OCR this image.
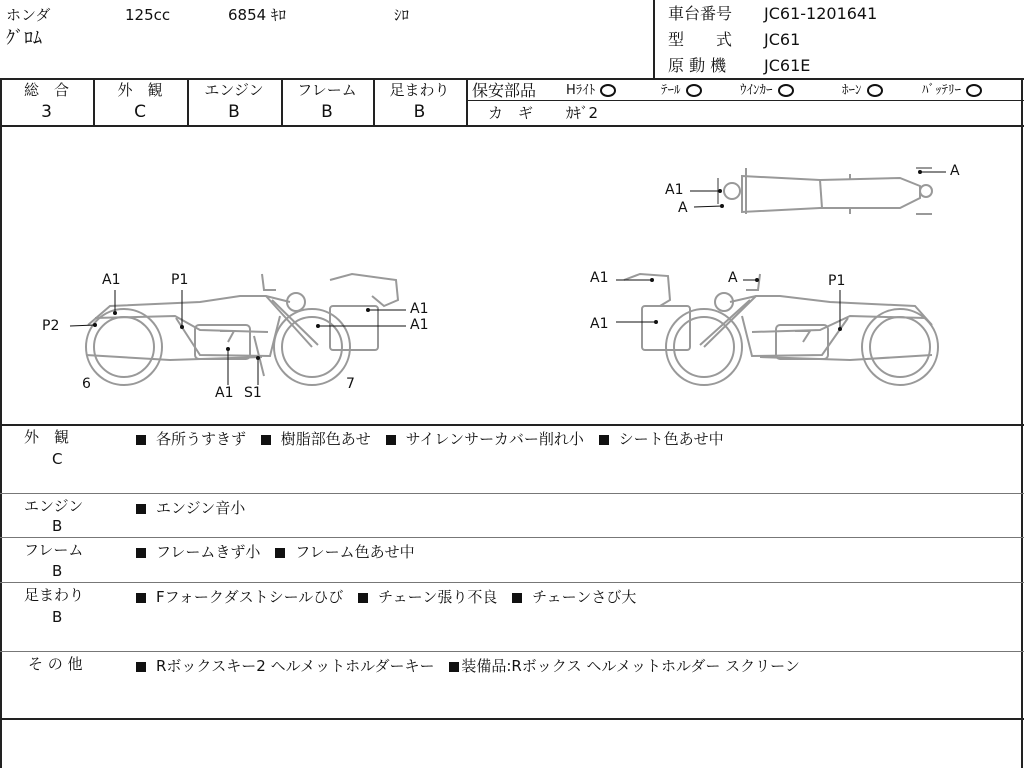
ホンダ	125cc	6854 ｷﾛ	ｼﾛ
ｸﾞﾛﾑ
車台番号 JC61-1201641
型　　式 JC61
原 動 機 JC61E
総　合
3
外　観
C
エンジン
B
フレーム
B
足まわり
B
保安部品 Hﾗｲﾄ	ﾃｰﾙ	ｳｲﾝｶｰ	ﾎｰﾝ	ﾊﾞｯﾃﾘｰ
カ　ギ ｶｷﾞ2
A1	P1
P2
A1
A1
6	7
A1 S1
A1	A	P1
A1
A1
A
A
外　観
C
各所うすきず 樹脂部色あせ サイレンサーカバー削れ小 シート色あせ中
エンジン
B
エンジン音小
フレーム
B
フレームきず小 フレーム色あせ中
足まわり
B
Fフォークダストシールひび チェーン張り不良 チェーンさび大
そ の 他	Rボックスキー2 ヘルメットホルダーキー 装備品:Rボックス ヘルメットホルダー スクリーン
